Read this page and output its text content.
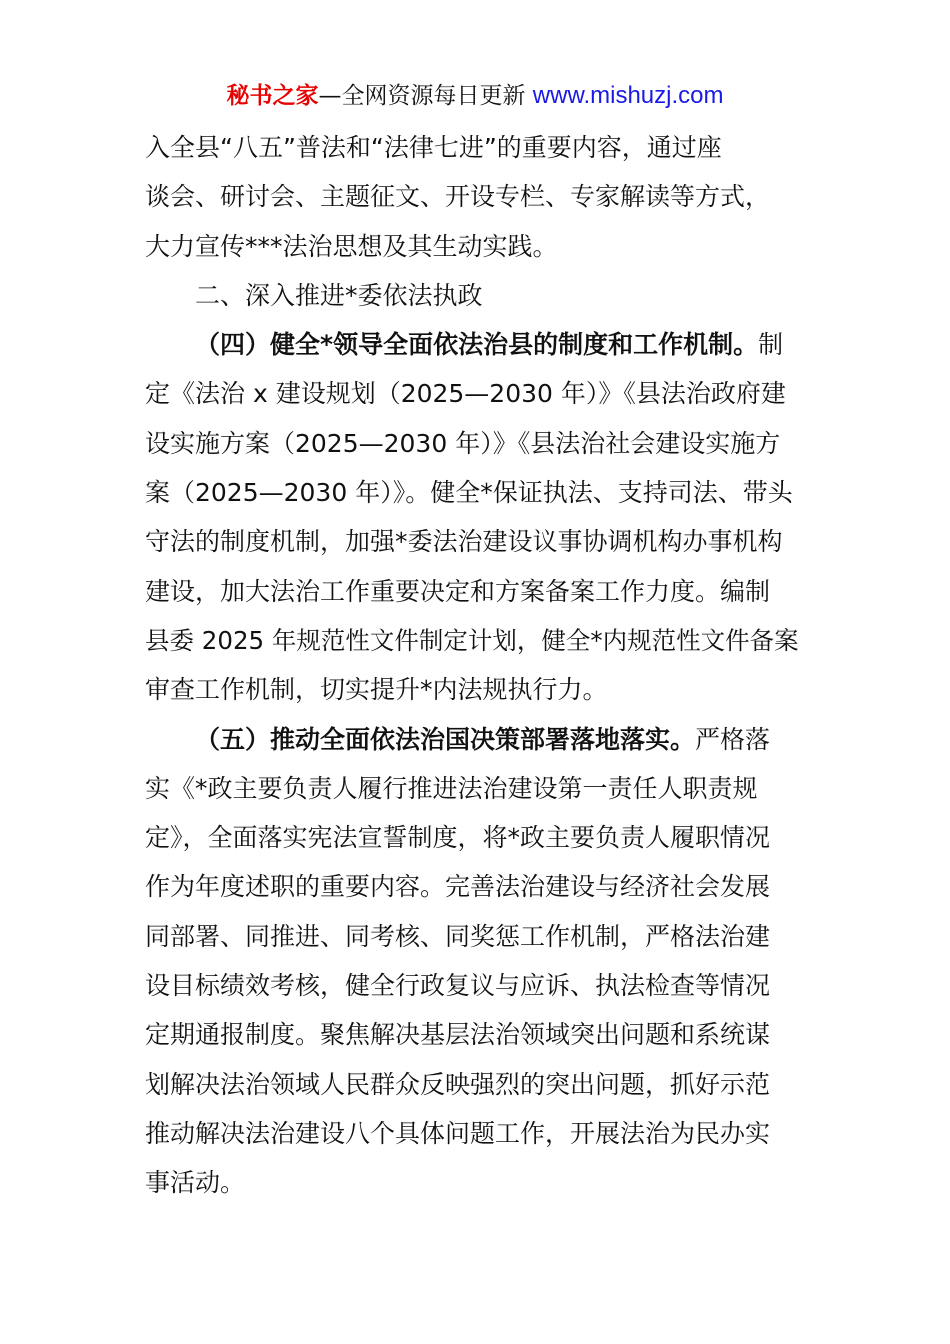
秘书之家—全网资源每日更新 www.mishuzj.com
入全县“八五”普法和“法律七进”的重要内容，通过座
谈会、研讨会、主题征文、开设专栏、专家解读等方式，
大力宣传***法治思想及其生动实践。
二、深入推进*委依法执政
（四）健全*领导全面依法治县的制度和工作机制。制
定《法治 x 建设规划（2025—2030 年）》《县法治政府建
设实施方案（2025—2030 年）》《县法治社会建设实施方
案（2025—2030 年）》。健全*保证执法、支持司法、带头
守法的制度机制，加强*委法治建设议事协调机构办事机构
建设，加大法治工作重要决定和方案备案工作力度。编制
县委 2025 年规范性文件制定计划，健全*内规范性文件备案
审查工作机制，切实提升*内法规执行力。
（五）推动全面依法治国决策部署落地落实。严格落
实《*政主要负责人履行推进法治建设第一责任人职责规
定》，全面落实宪法宣誓制度，将*政主要负责人履职情况
作为年度述职的重要内容。完善法治建设与经济社会发展
同部署、同推进、同考核、同奖惩工作机制，严格法治建
设目标绩效考核，健全行政复议与应诉、执法检查等情况
定期通报制度。聚焦解决基层法治领域突出问题和系统谋
划解决法治领域人民群众反映强烈的突出问题，抓好示范
推动解决法治建设八个具体问题工作，开展法治为民办实
事活动。
